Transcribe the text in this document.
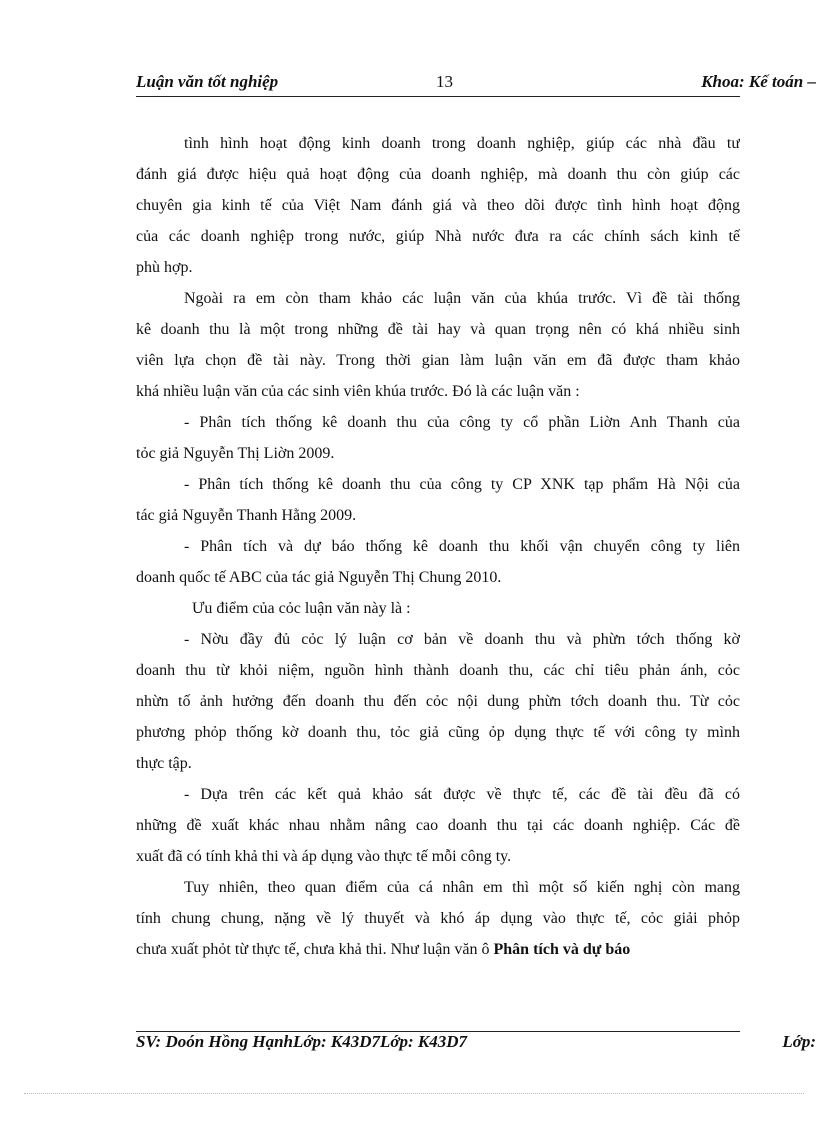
Luận văn tốt nghiệp	13	Khoa: Kế toán –
tình hình hoạt động kinh doanh trong doanh nghiệp, giúp các nhà đầu tư
đánh giá được hiệu quả hoạt động của doanh nghiệp, mà doanh thu còn giúp các
chuyên gia kinh tế của Việt Nam đánh giá và theo dõi được tình hình hoạt động
của các doanh nghiệp trong nước, giúp Nhà nước đưa ra các chính sách kinh tế
phù hợp.
Ngoài ra em còn tham khảo các luận văn của khúa trước. Vì đề tài thống
kê doanh thu là một trong những đề tài hay và quan trọng nên có khá nhiều sinh
viên lựa chọn đề tài này. Trong thời gian làm luận văn em đã được tham khảo
khá nhiều luận văn của các sinh viên khúa trước. Đó là các luận văn :
- Phân tích thống kê doanh thu của công ty cổ phần Liờn Anh Thanh của
tỏc giả Nguyễn Thị Liờn 2009.
- Phân tích thống kê doanh thu của công ty CP XNK tạp phẩm Hà Nội của
tác giả Nguyễn Thanh Hằng 2009.
- Phân tích và dự báo thống kê doanh thu khối vận chuyển công ty liên
doanh quốc tế ABC của tác giả Nguyễn Thị Chung 2010.
Ưu điểm của cỏc luận văn này là :
- Nờu đầy đủ cỏc lý luận cơ bản về doanh thu và phừn tớch thống kờ
doanh thu từ khỏi niệm, nguồn hình thành doanh thu, các chỉ tiêu phản ánh, cỏc
nhừn tố ảnh hưởng đến doanh thu đến cỏc nội dung phừn tớch doanh thu. Từ cỏc
phương phỏp thống kờ doanh thu, tỏc giả cũng ỏp dụng thực tế với công ty mình
thực tập.
- Dựa trên các kết quả khảo sát được về thực tế, các đề tài đều đã có
những đề xuất khác nhau nhằm nâng cao doanh thu tại các doanh nghiệp. Các đề
xuất đã có tính khả thi và áp dụng vào thực tế mỗi công ty.
Tuy nhiên, theo quan điểm của cá nhân em thì một số kiến nghị còn mang
tính chung chung, nặng về lý thuyết và khó áp dụng vào thực tế, cỏc giải phỏp
chưa xuất phỏt từ thực tế, chưa khả thi. Như luận văn ô Phân tích và dự báo
SV: Doón Hồng HạnhLớp: K43D7Lớp: K43D7	Lớp:
